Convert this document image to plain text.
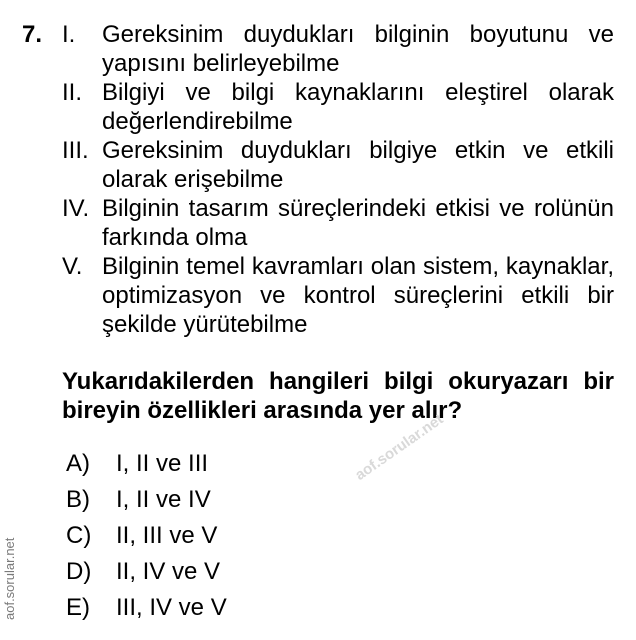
7. I.	Gereksinim duydukları bilginin boyutunu ve yapısını belirleyebilme
II. Bilgiyi ve bilgi kaynaklarını eleştirel olarak değerlendirebilme
III. Gereksinim duydukları bilgiye etkin ve etkili olarak erişebilme
IV. Bilginin tasarım süreçlerindeki etkisi ve rolünün farkında olma
V. Bilginin temel kavramları olan sistem, kaynaklar, optimizasyon ve kontrol süreçlerini etkili bir şekilde yürütebilme
Yukarıdakilerden hangileri bilgi okuryazarı bir bireyin özellikleri arasında yer alır?
aof.sorular.net
A)	I, II ve III
B)	I, II ve IV
C)	II, III ve V
D)	II, IV ve V
E)	III, IV ve V
aof.sorular.net
